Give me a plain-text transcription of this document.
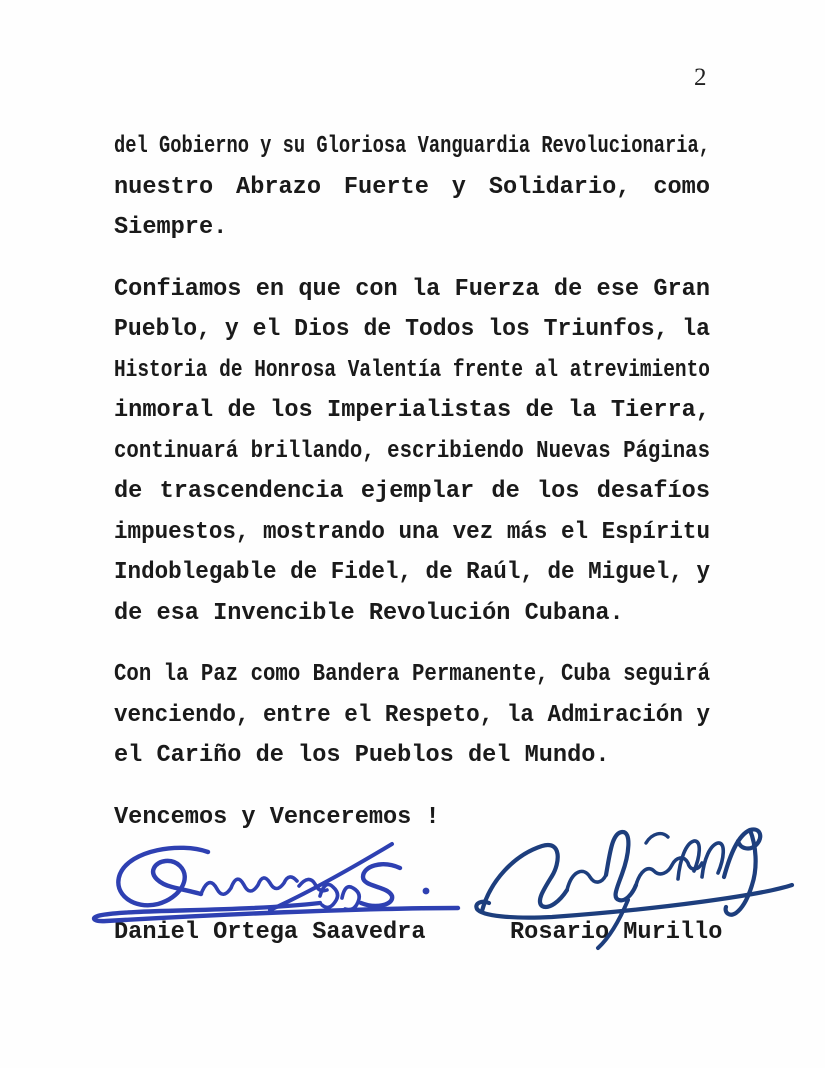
2
del Gobierno y su Gloriosa Vanguardia Revolucionaria,
nuestro Abrazo Fuerte y Solidario, como
Siempre.
Confiamos en que con la Fuerza de ese Gran
Pueblo, y el Dios de Todos los Triunfos, la
Historia de Honrosa Valentía frente al atrevimiento
inmoral de los Imperialistas de la Tierra,
continuará brillando, escribiendo Nuevas Páginas
de trascendencia ejemplar de los desafíos
impuestos, mostrando una vez más el Espíritu
Indoblegable de Fidel, de Raúl, de Miguel, y
de esa Invencible Revolución Cubana.
Con la Paz como Bandera Permanente, Cuba seguirá
venciendo, entre el Respeto, la Admiración y
el Cariño de los Pueblos del Mundo.
Vencemos y Venceremos !
Daniel Ortega Saavedra	Rosario Murillo
